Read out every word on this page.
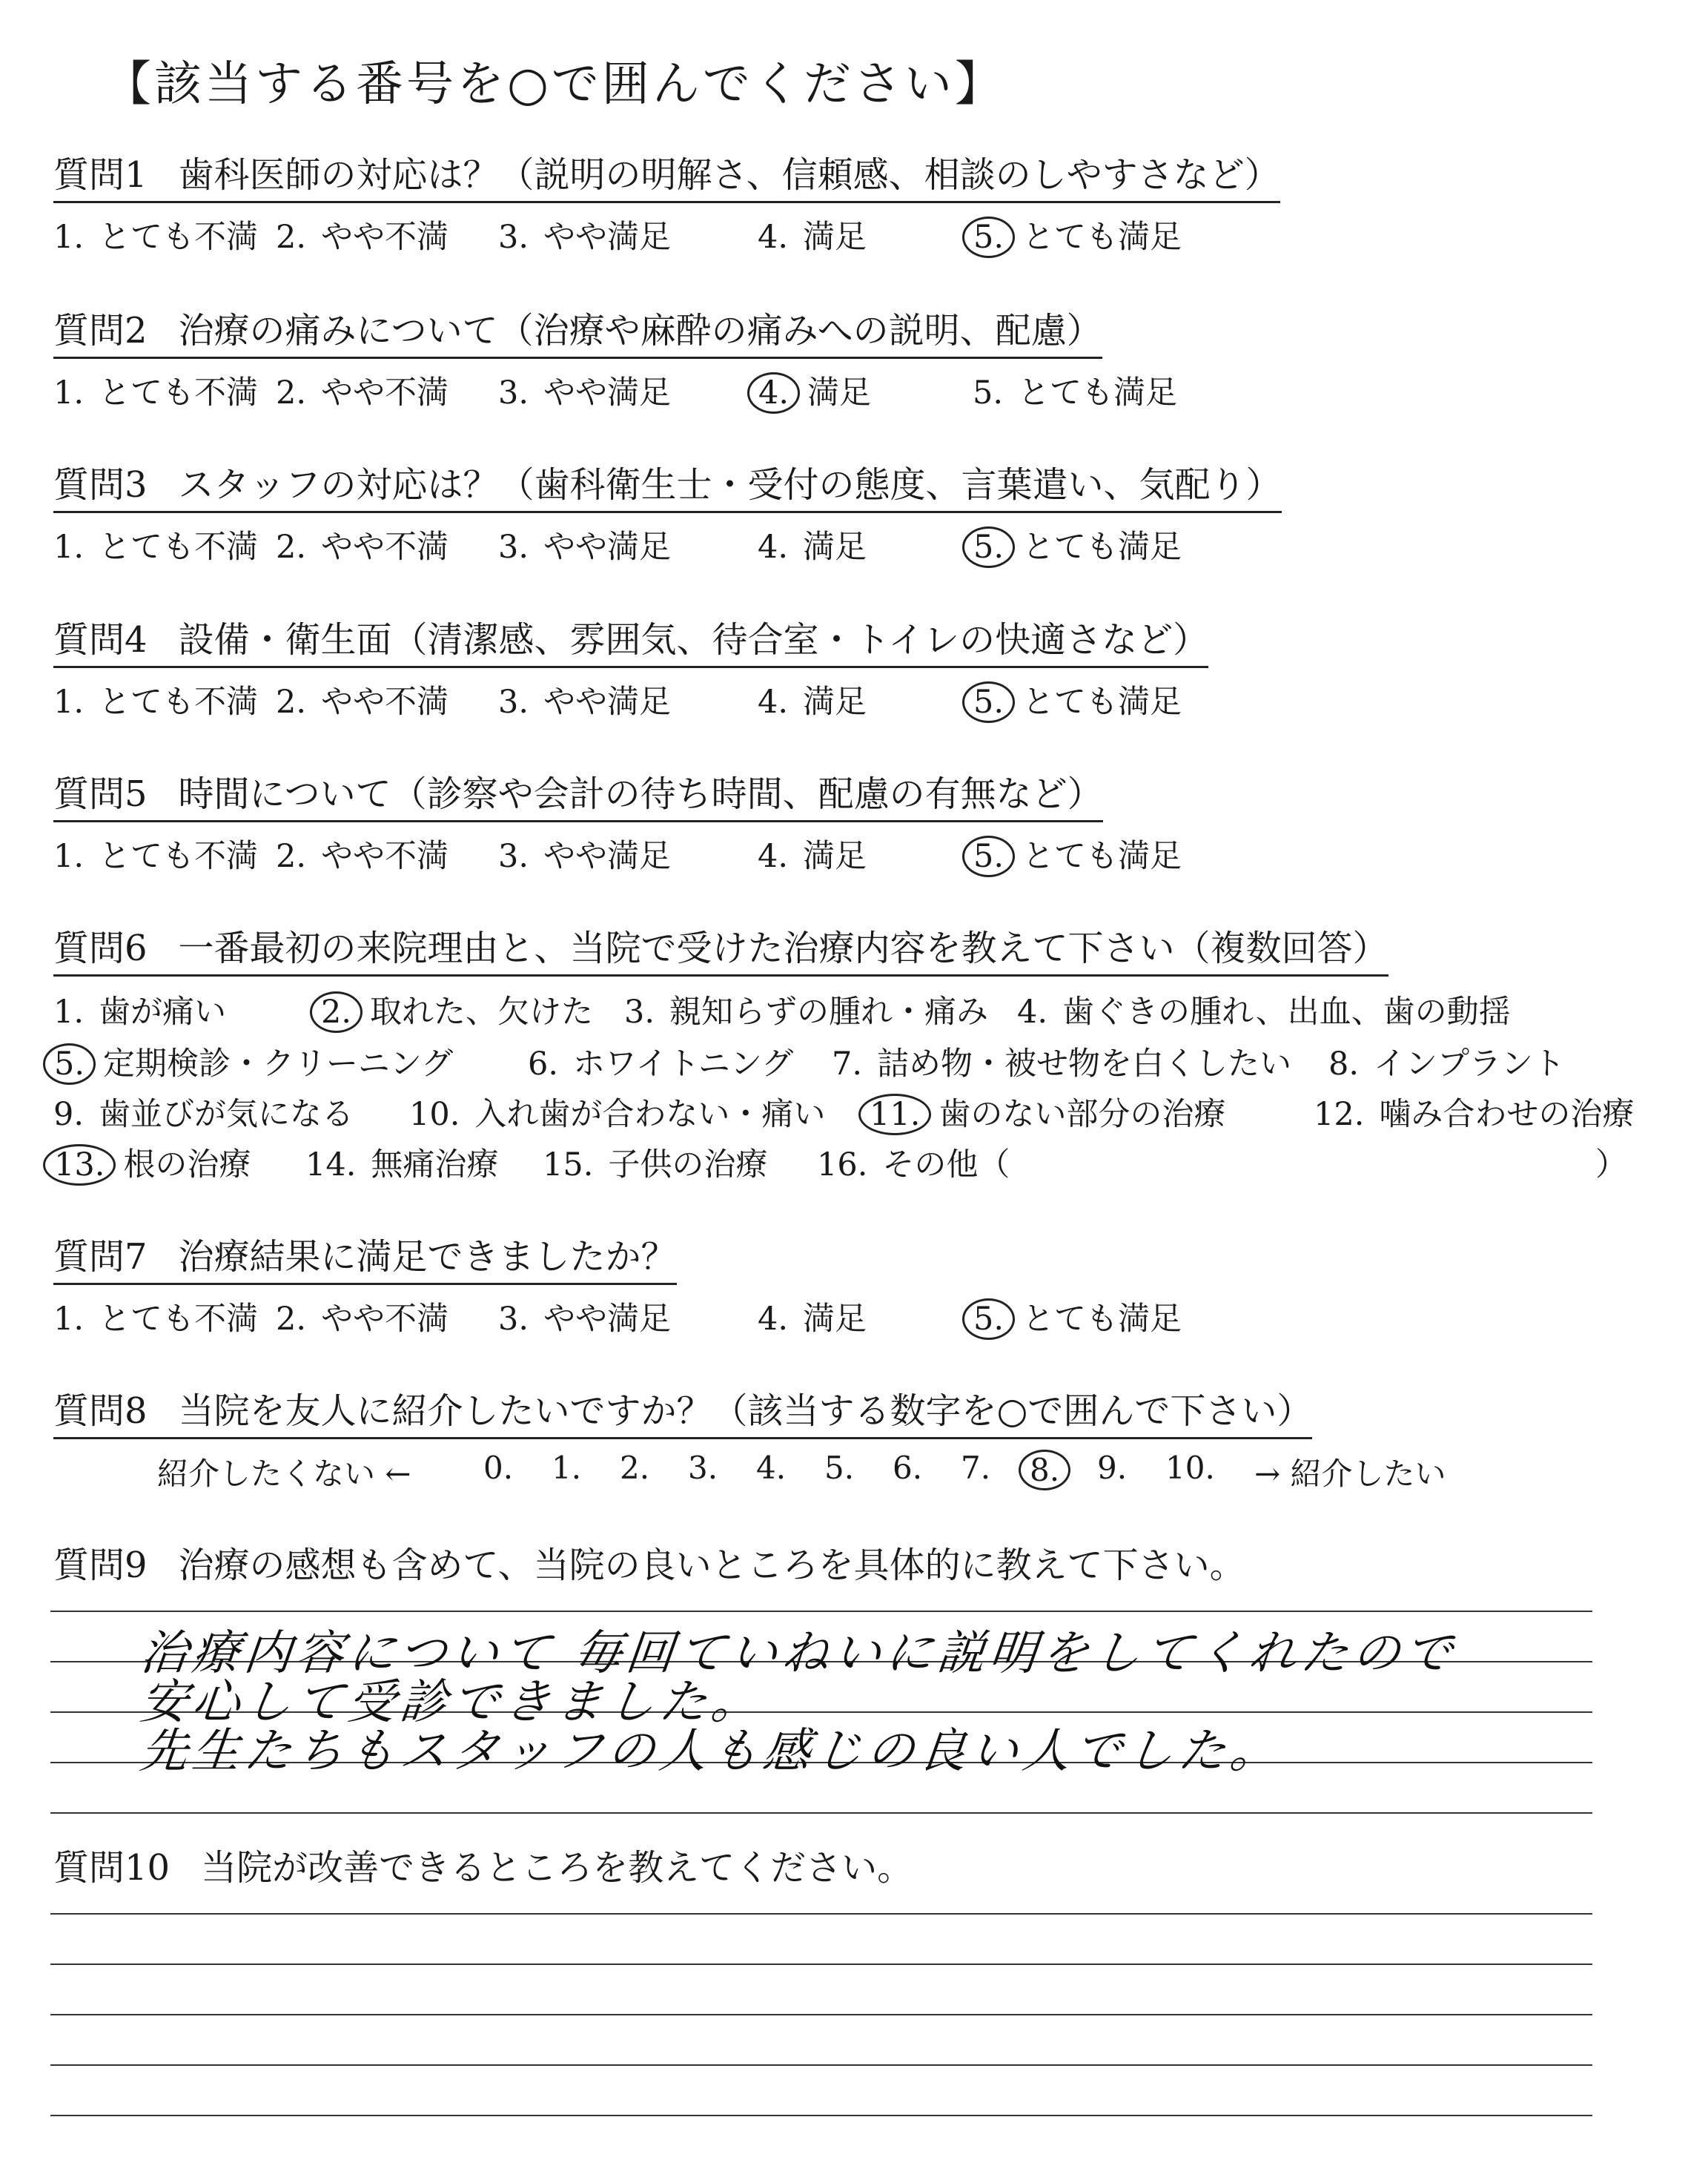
【該当する番号を○で囲んでください】
質問1 歯科医師の対応は？（説明の明解さ、信頼感、相談のしやすさなど）
1. とても不満 2. やや不満 3. やや満足	4. 満足	5. とても満足
質問2 治療の痛みについて（治療や麻酔の痛みへの説明、配慮）
1. とても不満 2. やや不満 3. やや満足	4. 満足	5. とても満足
質問3 スタッフの対応は？（歯科衛生士・受付の態度、言葉遣い、気配り）
1. とても不満 2. やや不満 3. やや満足	4. 満足	5. とても満足
質問4 設備・衛生面（清潔感、雰囲気、待合室・トイレの快適さなど）
1. とても不満 2. やや不満 3. やや満足	4. 満足	5. とても満足
質問5 時間について（診察や会計の待ち時間、配慮の有無など）
1. とても不満 2. やや不満 3. やや満足	4. 満足	5. とても満足
質問6 一番最初の来院理由と、当院で受けた治療内容を教えて下さい（複数回答）
1. 歯が痛い	2. 取れた、欠けた 3. 親知らずの腫れ・痛み 4. 歯ぐきの腫れ、出血、歯の動揺
5. 定期検診・クリーニング 6. ホワイトニング 7. 詰め物・被せ物を白くしたい 8. インプラント
9. 歯並びが気になる 10. 入れ歯が合わない・痛い 11. 歯のない部分の治療	12. 噛み合わせの治療
13. 根の治療 14. 無痛治療 15. 子供の治療 16. その他（	）
質問7 治療結果に満足できましたか？
1. とても不満 2. やや不満 3. やや満足	4. 満足	5. とても満足
質問8 当院を友人に紹介したいですか？（該当する数字を○で囲んで下さい）
紹介したくない ← 0. 1. 2. 3. 4. 5. 6. 7.	8.	9. 10. → 紹介したい
質問9 治療の感想も含めて、当院の良いところを具体的に教えて下さい。
治療内容について 毎回ていねいに説明をしてくれたので
安心して受診できました。
先生たちもスタッフの人も感じの良い人でした。
質問10 当院が改善できるところを教えてください。
